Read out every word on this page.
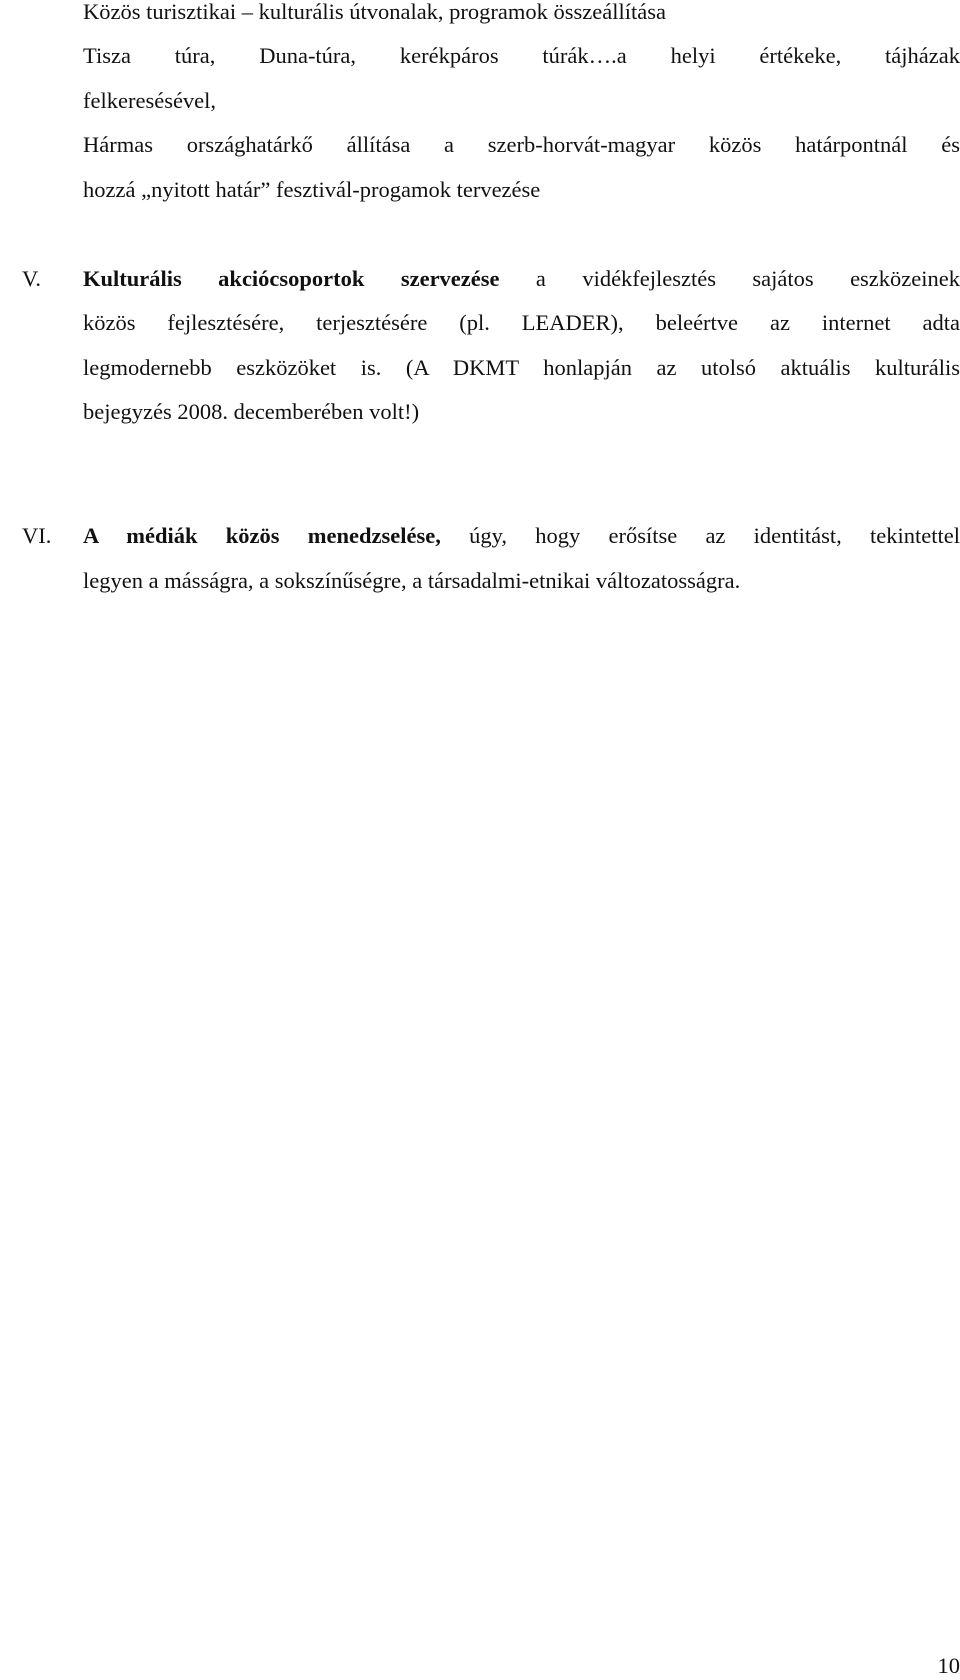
Közös turisztikai – kulturális útvonalak, programok összeállítása
Tisza túra, Duna-túra, kerékpáros túrák….a helyi értékeke, tájházak
felkeresésével,
Hármas országhatárkő állítása a szerb-horvát-magyar közös határpontnál és
hozzá „nyitott határ” fesztivál-progamok tervezése
V. Kulturális akciócsoportok szervezése a vidékfejlesztés sajátos eszközeinek
közös fejlesztésére, terjesztésére (pl. LEADER), beleértve az internet adta
legmodernebb eszközöket is. (A DKMT honlapján az utolsó aktuális kulturális
bejegyzés 2008. decemberében volt!)
VI. A médiák közös menedzselése, úgy, hogy erősítse az identitást, tekintettel
legyen a másságra, a sokszínűségre, a társadalmi-etnikai változatosságra.
10
